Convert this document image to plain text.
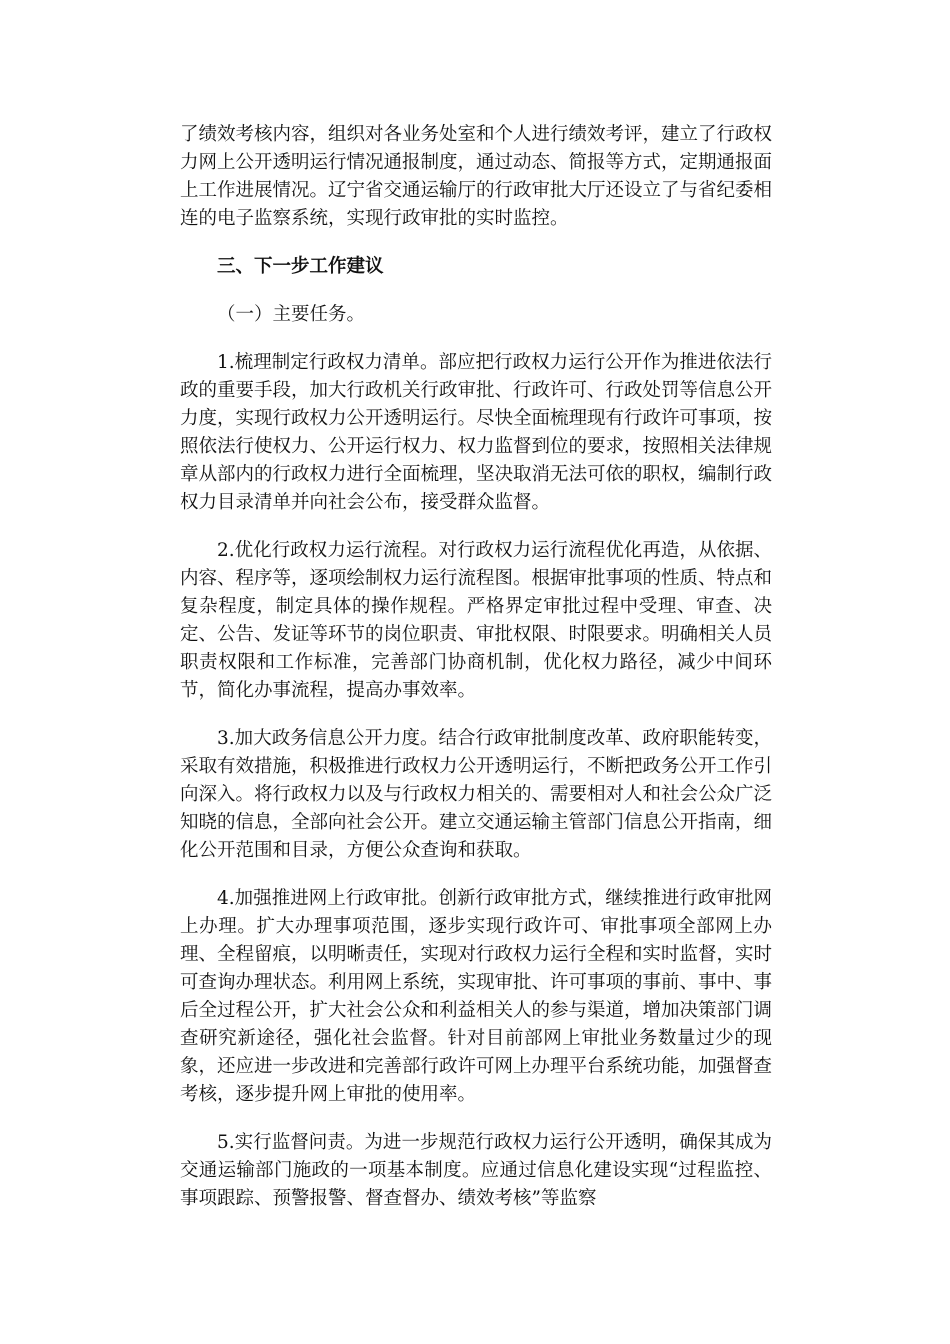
了绩效考核内容，组织对各业务处室和个人进行绩效考评，建立了行政权力网上公开透明运行情况通报制度，通过动态、简报等方式，定期通报面上工作进展情况。辽宁省交通运输厅的行政审批大厅还设立了与省纪委相连的电子监察系统，实现行政审批的实时监控。

三、下一步工作建议

（一）主要任务。

1.梳理制定行政权力清单。部应把行政权力运行公开作为推进依法行政的重要手段，加大行政机关行政审批、行政许可、行政处罚等信息公开力度，实现行政权力公开透明运行。尽快全面梳理现有行政许可事项，按照依法行使权力、公开运行权力、权力监督到位的要求，按照相关法律规章从部内的行政权力进行全面梳理，坚决取消无法可依的职权，编制行政权力目录清单并向社会公布，接受群众监督。

2.优化行政权力运行流程。对行政权力运行流程优化再造，从依据、内容、程序等，逐项绘制权力运行流程图。根据审批事项的性质、特点和复杂程度，制定具体的操作规程。严格界定审批过程中受理、审查、决定、公告、发证等环节的岗位职责、审批权限、时限要求。明确相关人员职责权限和工作标准，完善部门协商机制，优化权力路径，减少中间环节，简化办事流程，提高办事效率。

3.加大政务信息公开力度。结合行政审批制度改革、政府职能转变，采取有效措施，积极推进行政权力公开透明运行，不断把政务公开工作引向深入。将行政权力以及与行政权力相关的、需要相对人和社会公众广泛知晓的信息，全部向社会公开。建立交通运输主管部门信息公开指南，细化公开范围和目录，方便公众查询和获取。

4.加强推进网上行政审批。创新行政审批方式，继续推进行政审批网上办理。扩大办理事项范围，逐步实现行政许可、审批事项全部网上办理、全程留痕，以明晰责任，实现对行政权力运行全程和实时监督，实时可查询办理状态。利用网上系统，实现审批、许可事项的事前、事中、事后全过程公开，扩大社会公众和利益相关人的参与渠道，增加决策部门调查研究新途径，强化社会监督。针对目前部网上审批业务数量过少的现象，还应进一步改进和完善部行政许可网上办理平台系统功能，加强督查考核，逐步提升网上审批的使用率。

5.实行监督问责。为进一步规范行政权力运行公开透明，确保其成为交通运输部门施政的一项基本制度。应通过信息化建设实现“过程监控、事项跟踪、预警报警、督查督办、绩效考核”等监察
